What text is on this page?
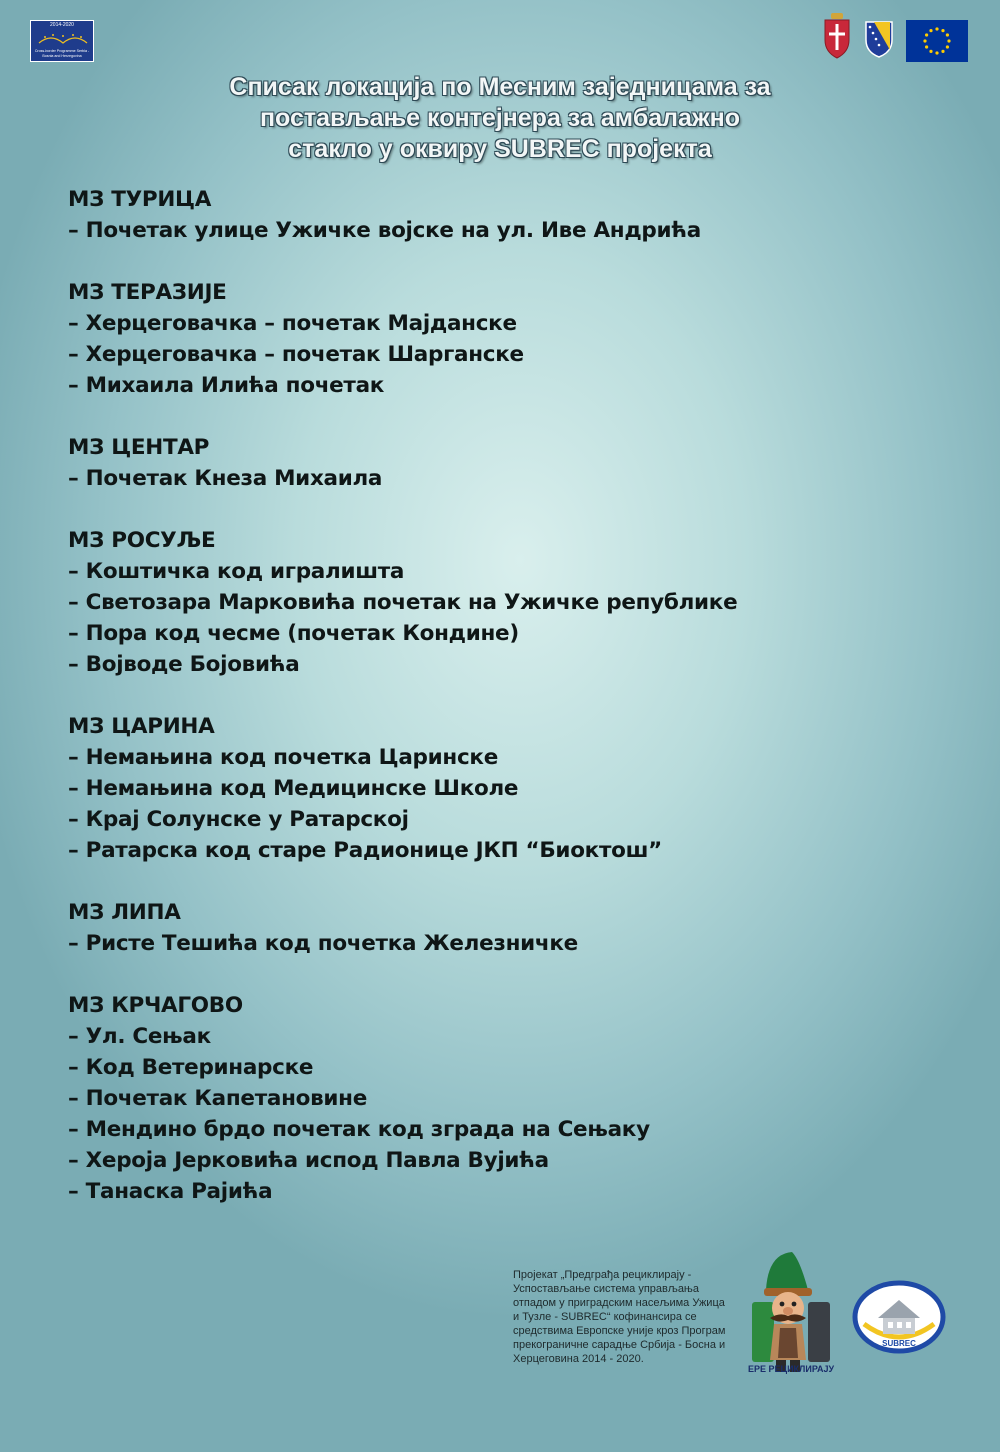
2014-2020
Cross-border Programme Serbia - Bosnia and Herzegovina
Списак локација по Месним заједницама за
постављање контејнера за амбалажно
стакло у оквиру SUBREC пројекта
МЗ ТУРИЦА
– Почетак улице Ужичке војске на ул. Иве Андрића
МЗ ТЕРАЗИЈЕ
– Херцеговачка – почетак Мајданске
– Херцеговачка – почетак Шарганске
– Михаила Илића почетак
МЗ ЦЕНТАР
– Почетак Кнеза Михаила
МЗ РОСУЉЕ
– Коштичка код игралишта
– Светозара Марковића почетак на Ужичке републике
– Пора код чесме (почетак Кондине)
– Војводе Бојовића
МЗ ЦАРИНА
– Немањина код почетка Царинске
– Немањина код Медицинске Школе
– Крај Солунске у Ратарској
– Ратарска код старе Радионице ЈКП “Биоктош”
МЗ ЛИПА
– Ристе Тешића код почетка Железничке
МЗ КРЧАГОВО
– Ул. Сењак
– Код Ветеринарске
– Почетак Капетановине
– Мендино брдо почетак код зграда на Сењаку
– Хероја Јерковића испод Павла Вујића
– Танаска Рајића
Пројекат „Предграђа рециклирају -
Успостављање система управљања
отпадом у приградским насељима Ужица
и Тузле - SUBREC“ кофинансира се
средствима Европске уније кроз Програм
прекограничне сарадње Србија - Босна и
Херцеговина 2014 - 2020.
ЕРЕ РЕЦИКЛИРАЈУ
SUBREC
